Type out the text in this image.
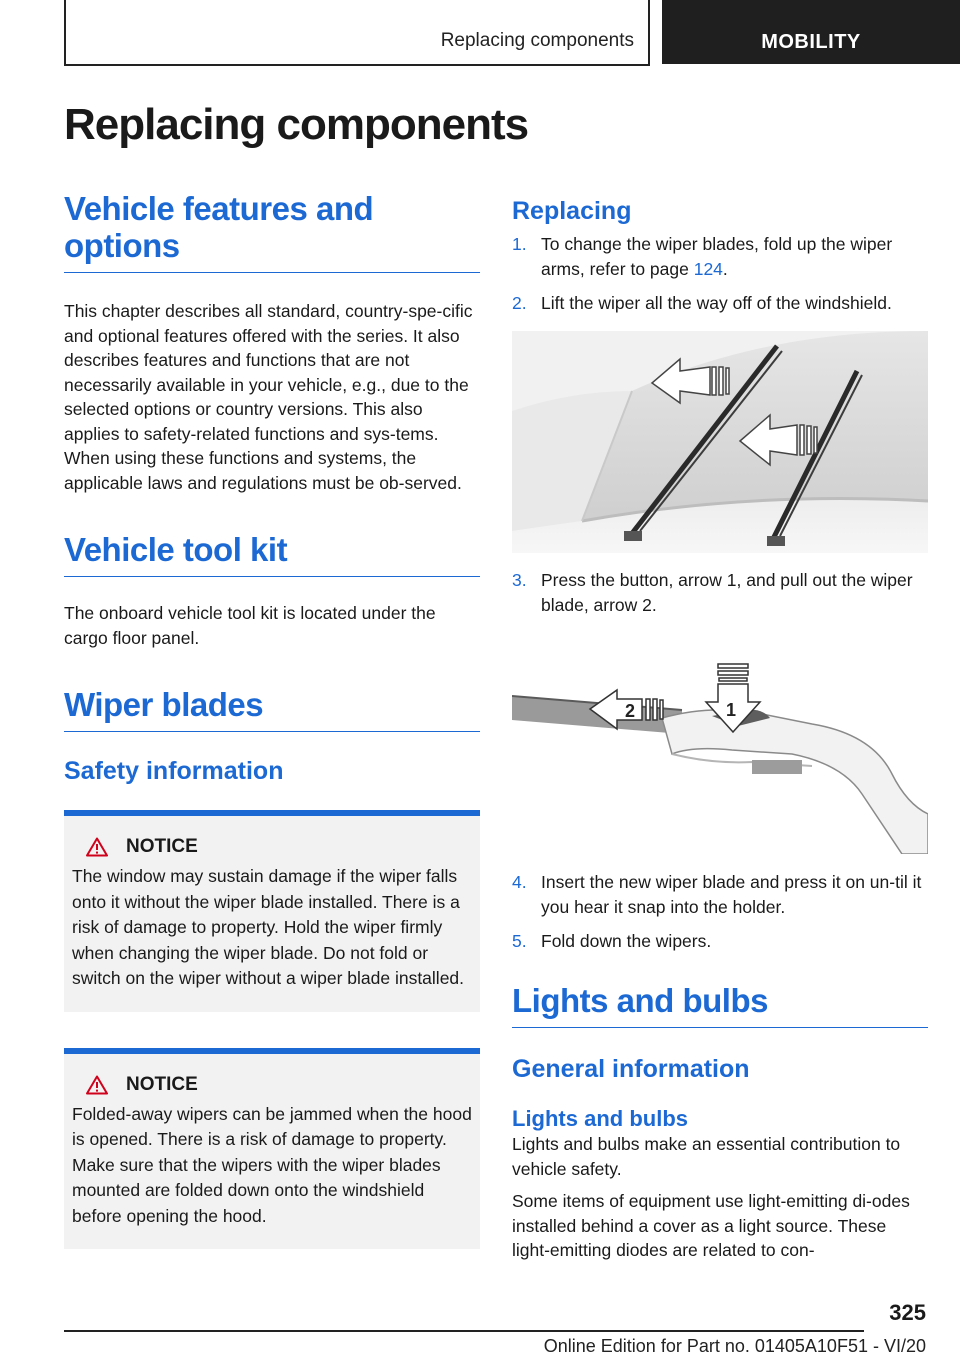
Replacing components	MOBILITY
Replacing components
Vehicle features and options

This chapter describes all standard, country-spe-cific and optional features offered with the series. It also describes features and functions that are not necessarily available in your vehicle, e.g., due to the selected options or country versions. This also applies to safety-related functions and sys-tems. When using these functions and systems, the applicable laws and regulations must be ob-served.

Vehicle tool kit

The onboard vehicle tool kit is located under the cargo floor panel.

Wiper blades
Safety information
NOTICE

The window may sustain damage if the wiper falls onto it without the wiper blade installed. There is a risk of damage to property. Hold the wiper firmly when changing the wiper blade. Do not fold or switch on the wiper without a wiper blade installed.

NOTICE

Folded-away wipers can be jammed when the hood is opened. There is a risk of damage to property. Make sure that the wipers with the wiper blades mounted are folded down onto the windshield before opening the hood.

Replacing
1. To change the wiper blades, fold up the wiper arms, refer to page 124.
2. Lift the wiper all the way off of the windshield.
3. Press the button, arrow 1, and pull out the wiper blade, arrow 2.
2	1
4. Insert the new wiper blade and press it on un-til it you hear it snap into the holder.
5. Fold down the wipers.
Lights and bulbs
General information
Lights and bulbs

Lights and bulbs make an essential contribution to vehicle safety.

Some items of equipment use light-emitting di-odes installed behind a cover as a light source. These light-emitting diodes are related to con-

325
Online Edition for Part no. 01405A10F51 - VI/20
